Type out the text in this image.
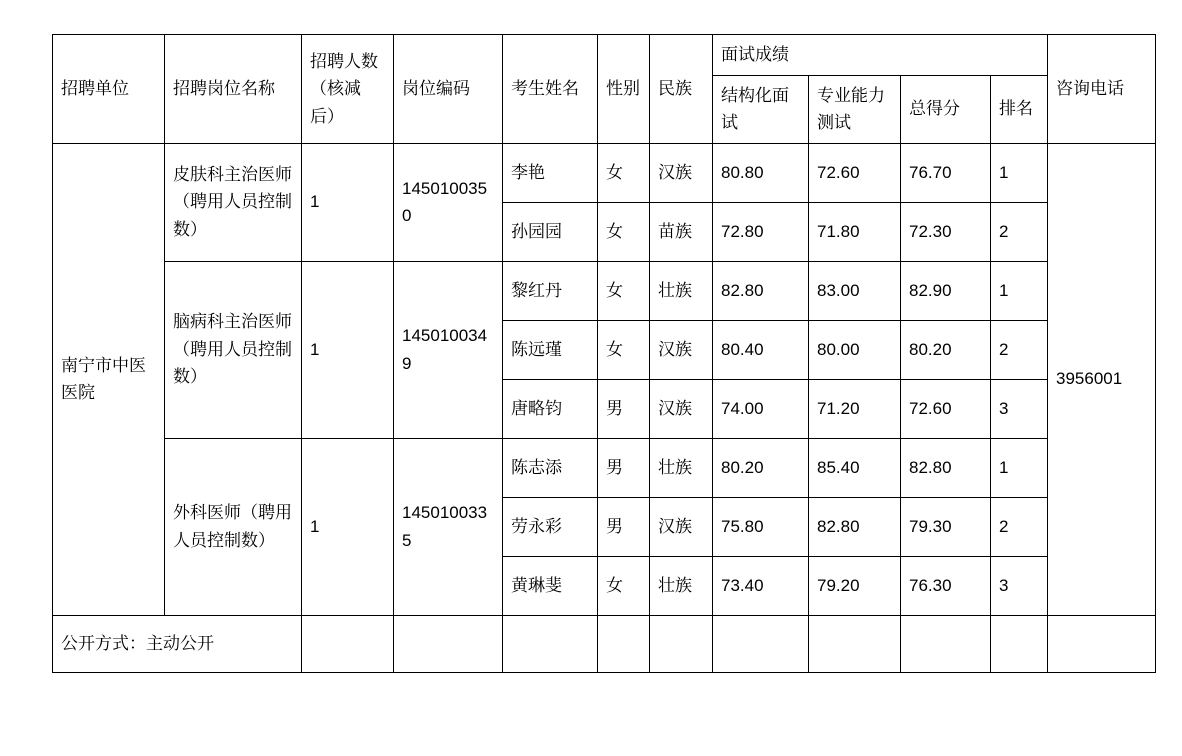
招聘单位	招聘岗位名称	招聘人数（核减后）	岗位编码	考生姓名	性别	民族	面试成绩				咨询电话
							结构化面试	专业能力测试	总得分	排名	
南宁市中医医院	皮肤科主治医师（聘用人员控制数）	1	1450100350	李艳	女	汉族	80.80	72.60	76.70	1	3956001
				孙园园	女	苗族	72.80	71.80	72.30	2	
	脑病科主治医师（聘用人员控制数）	1	1450100349	黎红丹	女	壮族	82.80	83.00	82.90	1	
				陈远瑾	女	汉族	80.40	80.00	80.20	2	
				唐略钧	男	汉族	74.00	71.20	72.60	3	
	外科医师（聘用人员控制数）	1	1450100335	陈志添	男	壮族	80.20	85.40	82.80	1	
				劳永彩	男	汉族	75.80	82.80	79.30	2	
				黄琳斐	女	壮族	73.40	79.20	76.30	3	
公开方式：主动公开											
